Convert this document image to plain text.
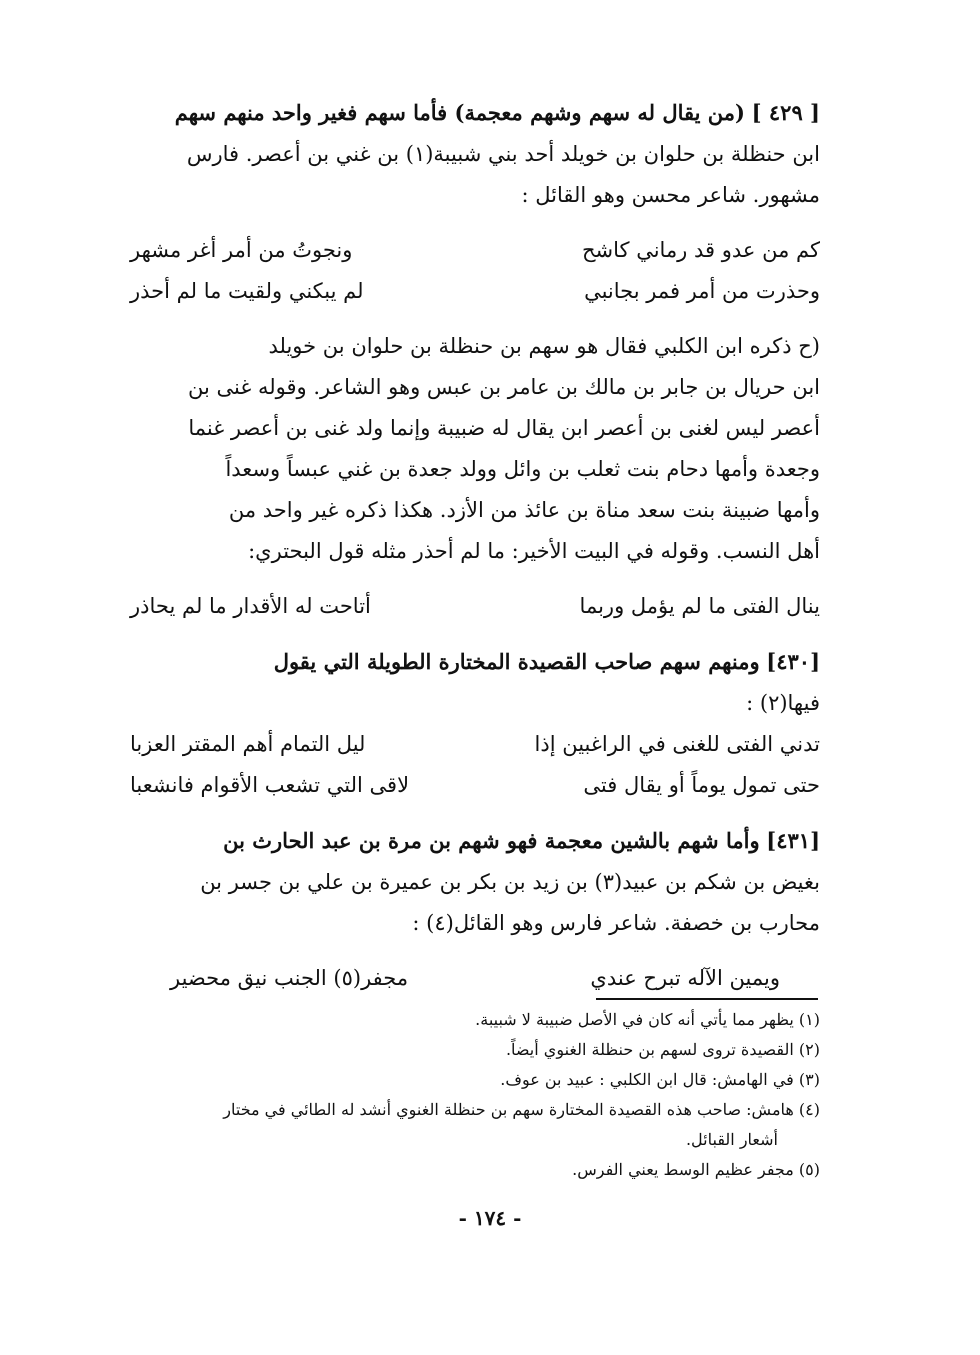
[ ٤٢٩ ] (من يقال له سهم وشهم معجمة) فأما سهم فغير واحد منهم سهم

ابن حنظلة بن حلوان بن خويلد أحد بني شبيبة(١) بن غني بن أعصر. فارس

مشهور. شاعر محسن وهو القائل :

كم من عدو قد رماني كاشح
ونجوتُ من أمر أغر مشهر
وحذرت من أمر فمر بجانبي
لم يبكني ولقيت ما لم أحذر

(ح ذكره ابن الكلبي فقال هو سهم بن حنظلة بن حلوان بن خويلد

ابن حريال بن جابر بن مالك بن عامر بن عبس وهو الشاعر. وقوله غنى بن

أعصر ليس لغنى بن أعصر ابن يقال له ضبيبة وإنما ولد غنى بن أعصر غنما

وجعدة وأمها دحام بنت ثعلب بن وائل وولد جعدة بن غني عبساً وسعداً

وأمها ضبينة بنت سعد مناة بن عائذ من الأزد. هكذا ذكره غير واحد من

أهل النسب. وقوله في البيت الأخير: ما لم أحذر مثله قول البحتري:

ينال الفتى ما لم يؤمل وربما
أتاحت له الأقدار ما لم يحاذر

[٤٣٠] ومنهم سهم صاحب القصيدة المختارة الطويلة التي يقول

فيها(٢) :

تدني الفتى للغنى في الراغبين إذا
ليل التمام أهم المقتر العزبا
حتى تمول يوماً أو يقال فتى
لاقى التي تشعب الأقوام فانشعبا

[٤٣١] وأما شهم بالشين معجمة فهو شهم بن مرة بن عبد الحارث بن

بغيض بن شكم بن عبيد(٣) بن زيد بن بكر بن عميرة بن علي بن جسر بن

محارب بن خصفة. شاعر فارس وهو القائل(٤) :

ويمين الآله تبرح عندي
مجفر(٥) الجنب نيق محضير

(١) يظهر مما يأتي أنه كان في الأصل ضبيبة لا شبيبة.

(٢) القصيدة تروى لسهم بن حنظلة الغنوي أيضاً.

(٣) في الهامش: قال ابن الكلبي : عبيد بن عوف.

(٤) هامش: صاحب هذه القصيدة المختارة سهم بن حنظلة الغنوي أنشد له الطائي في مختار

أشعار القبائل.

(٥) مجفر عظيم الوسط يعني الفرس.

- ١٧٤ -
